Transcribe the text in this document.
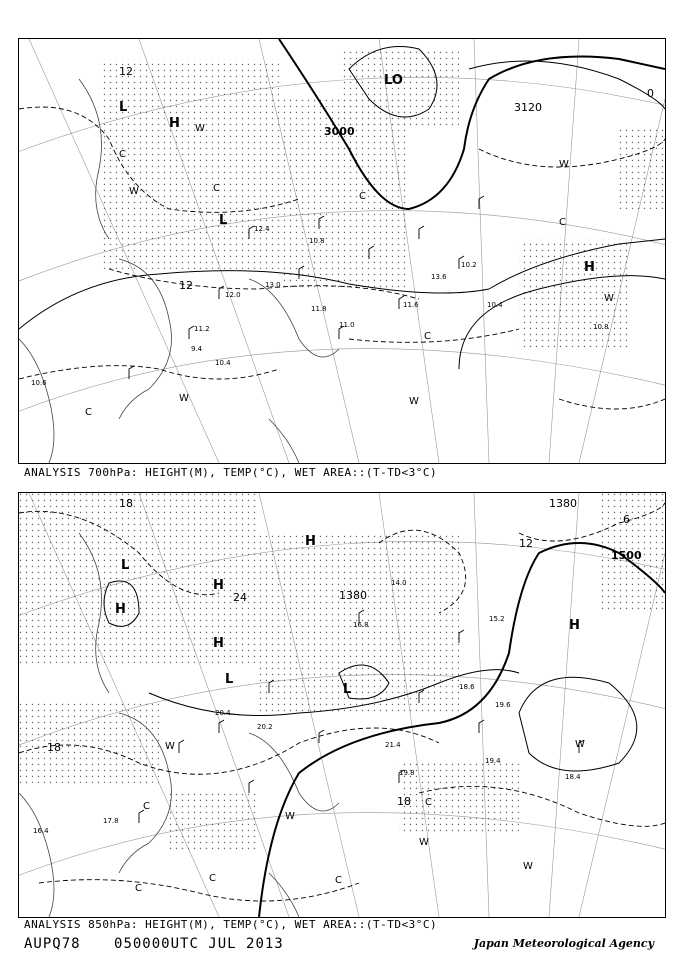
3000
3120
12
12
0
H
L
L
LO
H
W
W
W	W
W
W
C
C
C
C
C
C
12.0
11.2
13.0
11.6
10.4
12.4
11.8
13.6
10.8
11.0
10.4
10.8
10.2
10.6
9.4
ANALYSIS 700hPa: HEIGHT(M), TEMP(°C), WET AREA::(T-TD<3°C)
1500
1380
1380
24
18
18
18
12
6
H
H
H
H
L
L
L
H
W
W
W
W
W
C	C
C	C
C
20.2
19.8
21.4
18.6
20.4
19.4
16.8
14.0
15.2
19.6
18.4
17.8
16.4
ANALYSIS 850hPa: HEIGHT(M), TEMP(°C), WET AREA::(T-TD<3°C)
AUPQ78 050000UTC JUL 2013	Japan Meteorological Agency
